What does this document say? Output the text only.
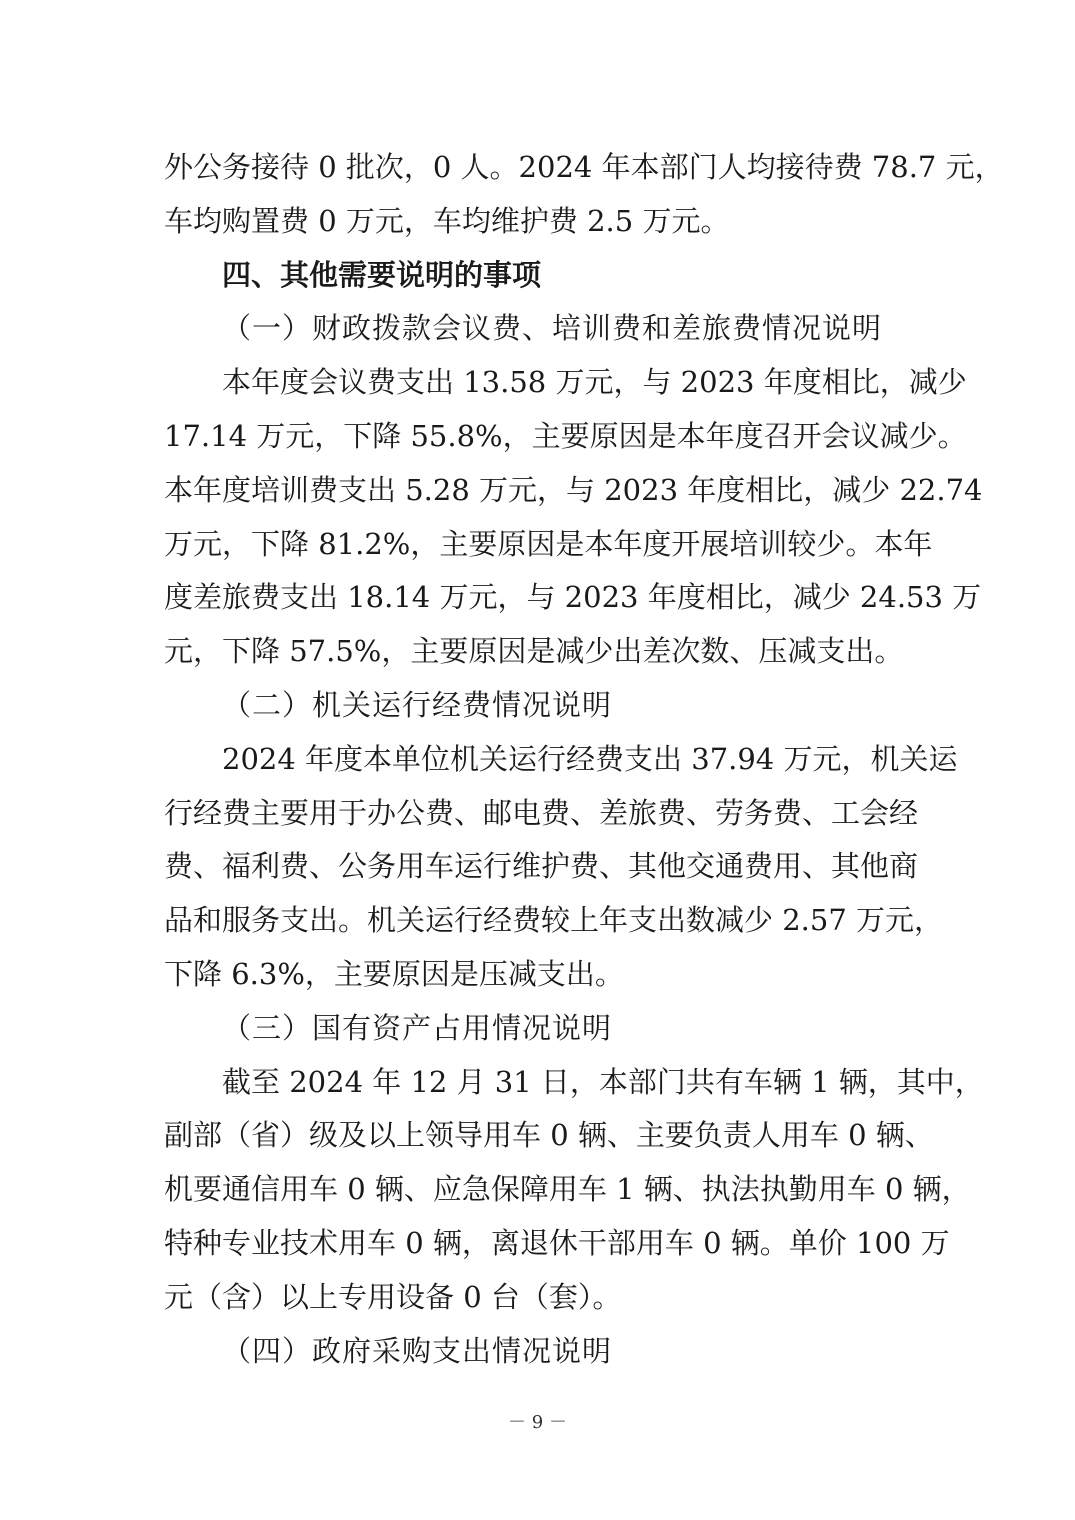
外公务接待 0 批次，0 人。2024 年本部门人均接待费 78.7 元，
车均购置费 0 万元，车均维护费 2.5 万元。
四、其他需要说明的事项
（一）财政拨款会议费、培训费和差旅费情况说明
本年度会议费支出 13.58 万元，与 2023 年度相比，减少
17.14 万元，下降 55.8%，主要原因是本年度召开会议减少。
本年度培训费支出 5.28 万元，与 2023 年度相比，减少 22.74
万元，下降 81.2%，主要原因是本年度开展培训较少。本年
度差旅费支出 18.14 万元，与 2023 年度相比，减少 24.53 万
元，下降 57.5%，主要原因是减少出差次数、压减支出。
（二）机关运行经费情况说明
2024 年度本单位机关运行经费支出 37.94 万元，机关运
行经费主要用于办公费、邮电费、差旅费、劳务费、工会经
费、福利费、公务用车运行维护费、其他交通费用、其他商
品和服务支出。机关运行经费较上年支出数减少 2.57 万元，
下降 6.3%，主要原因是压减支出。
（三）国有资产占用情况说明
截至 2024 年 12 月 31 日，本部门共有车辆 1 辆，其中，
副部（省）级及以上领导用车 0 辆、主要负责人用车 0 辆、
机要通信用车 0 辆、应急保障用车 1 辆、执法执勤用车 0 辆，
特种专业技术用车 0 辆，离退休干部用车 0 辆。单价 100 万
元（含）以上专用设备 0 台（套）。
（四）政府采购支出情况说明
－ 9 －
